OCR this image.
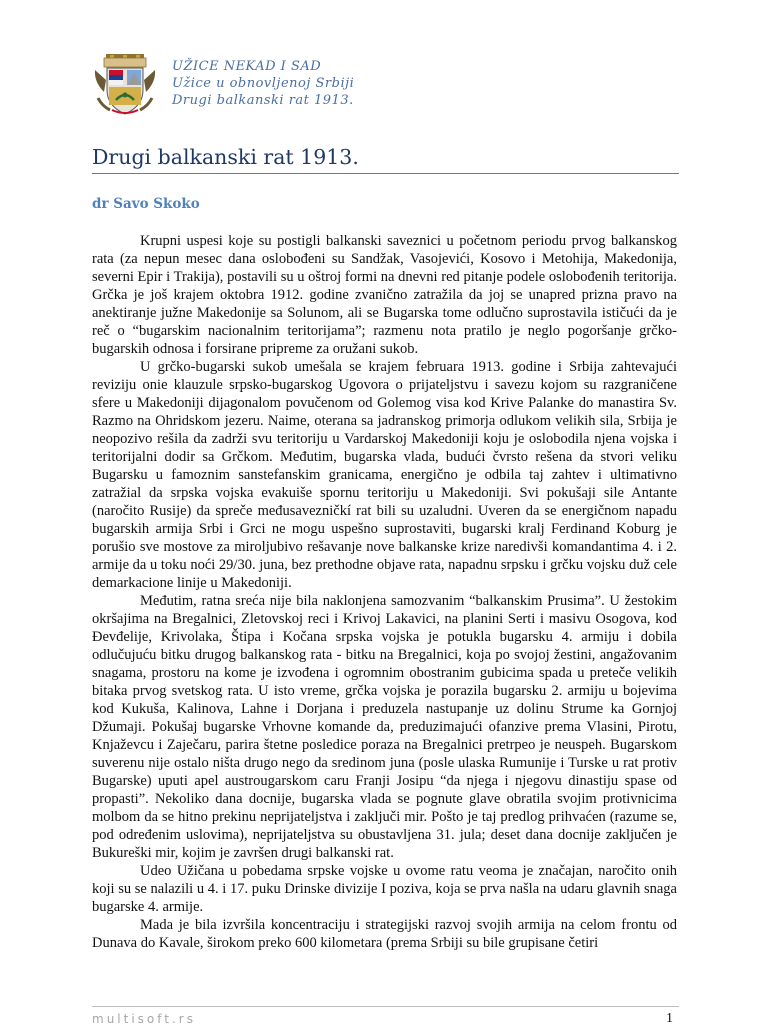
UŽICE NEKAD I SAD
Užice u obnovljenoj Srbiji
Drugi balkanski rat 1913.
Drugi balkanski rat 1913.
dr Savo Skoko

Krupni uspesi koje su postigli balkanski saveznici u početnom periodu prvog balkanskog rata (za nepun mesec dana oslobođeni su Sandžak, Vasojevići, Kosovo i Metohija, Makedonija, severni Epir i Trakija), postavili su u oštroj formi na dnevni red pitanje podele oslobođenih teritorija. Grčka je još krajem oktobra 1912. godine zvanično zatražila da joj se unapred prizna pravo na anektiranje južne Makedonije sa Solunom, ali se Bugarska tome odlučno suprostavila ističući da je reč o “bugarskim nacionalnim teritorijama”; razmenu nota pratilo je neglo pogoršanje grčko-bugarskih odnosa i forsirane pripreme za oružani sukob.

U grčko-bugarski sukob umešala se krajem februara 1913. godine i Srbija zahtevajući reviziju onie klauzule srpsko-bugarskog Ugovora o prijateljstvu i savezu kojom su razgraničene sfere u Makedoniji dijagonalom povučenom od Golemog visa kod Krive Palanke do manastira Sv. Razmo na Ohridskom jezeru. Naime, oterana sa jadranskog primorja odlukom velikih sila, Srbija je neopozivo rešila da zadrži svu teritoriju u Vardarskoj Makedoniji koju je oslobodila njena vojska i teritorijalni dodir sa Grčkom. Međutim, bugarska vlada, budući čvrsto rešena da stvori veliku Bugarsku u famoznim sanstefanskim granicama, energično je odbila taj zahtev i ultimativno zatražial da srpska vojska evakuiše spornu teritoriju u Makedoniji. Svi pokušaji sile Antante (naročito Rusije) da spreče međusavezničkí rat bili su uzaludni. Uveren da se energičnom napadu bugarskih armija Srbi i Grci ne mogu uspešno suprostaviti, bugarski kralj Ferdinand Koburg je porušio sve mostove za miroljubivo rešavanje nove balkanske krize naredivši komandantima 4. i 2. armije da u toku noći 29/30. juna, bez prethodne objave rata, napadnu srpsku i grčku vojsku duž cele demarkacione linije u Makedoniji.

Međutim, ratna sreća nije bila naklonjena samozvanim “balkanskim Prusima”. U žestokim okršajima na Bregalnici, Zletovskoj reci i Krivoj Lakavici, na planini Serti i masivu Osogova, kod Đevđelije, Krivolaka, Štipa i Kočana srpska vojska je potukla bugarsku 4. armiju i dobila odlučujuću bitku drugog balkanskog rata - bitku na Bregalnici, koja po svojoj žestini, angažovanim snagama, prostoru na kome je izvođena i ogromnim obostranim gubicima spada u preteče velikih bitaka prvog svetskog rata. U isto vreme, grčka vojska je porazila bugarsku 2. armiju u bojevima kod Kukuša, Kalinova, Lahne i Dorjana i preduzela nastupanje uz dolinu Strume ka Gornjoj Džumaji. Pokušaj bugarske Vrhovne komande da, preduzimajući ofanzive prema Vlasini, Pirotu, Knjaževcu i Zaječaru, parira štetne posledice poraza na Bregalnici pretrpeo je neuspeh. Bugarskom suverenu nije ostalo ništa drugo nego da sredinom juna (posle ulaska Rumunije i Turske u rat protiv Bugarske) uputi apel austrougarskom caru Franji Josipu “da njega i njegovu dinastiju spase od propasti”. Nekoliko dana docnije, bugarska vlada se pognute glave obratila svojim protivnicima molbom da se hitno prekinu neprijateljstva i zaključi mir. Pošto je taj predlog prihvaćen (razume se, pod određenim uslovima), neprijateljstva su obustavljena 31. jula; deset dana docnije zaključen je Bukureški mir, kojim je završen drugi balkanski rat.

Udeo Užičana u pobedama srpske vojske u ovome ratu veoma je značajan, naročito onih koji su se nalazili u 4. i 17. puku Drinske divizije I poziva, koja se prva našla na udaru glavnih snaga bugarske 4. armije.

Mada je bila izvršila koncentraciju i strategijski razvoj svojih armija na celom frontu od Dunava do Kavale, širokom preko 600 kilometara (prema Srbiji su bile grupisane četiri

multisoft.rs	1
